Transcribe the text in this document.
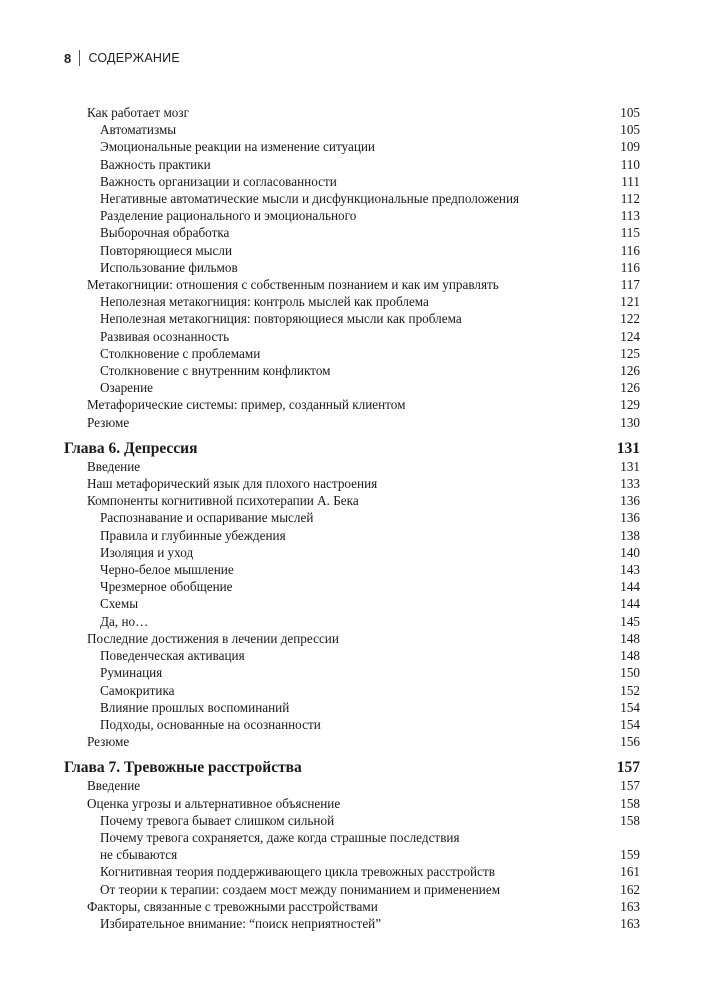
8 СОДЕРЖАНИЕ
Как работает мозг	105
Автоматизмы	105
Эмоциональные реакции на изменение ситуации	109
Важность практики	110
Важность организации и согласованности	111
Негативные автоматические мысли и дисфункциональные предположения	112
Разделение рационального и эмоционального	113
Выборочная обработка	115
Повторяющиеся мысли	116
Использование фильмов	116
Метакогниции: отношения с собственным познанием и как им управлять	117
Неполезная метакогниция: контроль мыслей как проблема	121
Неполезная метакогниция: повторяющиеся мысли как проблема	122
Развивая осознанность	124
Столкновение с проблемами	125
Столкновение с внутренним конфликтом	126
Озарение	126
Метафорические системы: пример, созданный клиентом	129
Резюме	130
Глава 6. Депрессия	131
Введение	131
Наш метафорический язык для плохого настроения	133
Компоненты когнитивной психотерапии А. Бека	136
Распознавание и оспаривание мыслей	136
Правила и глубинные убеждения	138
Изоляция и уход	140
Черно-белое мышление	143
Чрезмерное обобщение	144
Схемы	144
Да, но…	145
Последние достижения в лечении депрессии	148
Поведенческая активация	148
Руминация	150
Самокритика	152
Влияние прошлых воспоминаний	154
Подходы, основанные на осознанности	154
Резюме	156
Глава 7. Тревожные расстройства	157
Введение	157
Оценка угрозы и альтернативное объяснение	158
Почему тревога бывает слишком сильной	158
Почему тревога сохраняется, даже когда страшные последствия
не сбываются	159
Когнитивная теория поддерживающего цикла тревожных расстройств	161
От теории к терапии: создаем мост между пониманием и применением	162
Факторы, связанные с тревожными расстройствами	163
Избирательное внимание: “поиск неприятностей”	163
